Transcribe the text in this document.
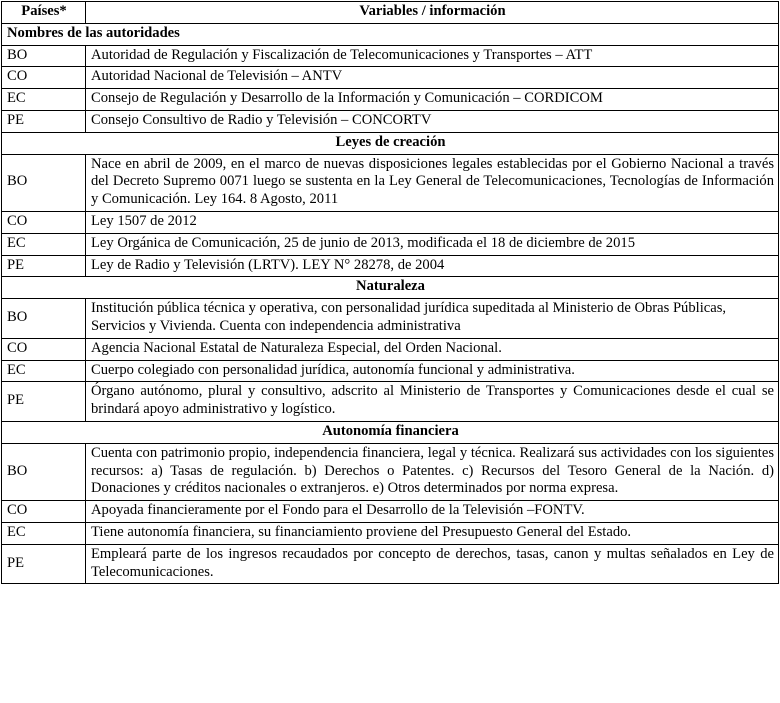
Países*	Variables / información
Nombres de las autoridades	
BO	Autoridad de Regulación y Fiscalización de Telecomunicaciones y Transportes – ATT
CO	Autoridad Nacional de Televisión – ANTV
EC	Consejo de Regulación y Desarrollo de la Información y Comunicación – CORDICOM
PE	Consejo Consultivo de Radio y Televisión – CONCORTV
Leyes de creación	
BO	Nace en abril de 2009, en el marco de nuevas disposiciones legales establecidas por el Gobierno Nacional a través del Decreto Supremo 0071 luego se sustenta en la Ley General de Telecomunicaciones, Tecnologías de Información y Comunicación. Ley 164. 8 Agosto, 2011
CO	Ley 1507 de 2012
EC	Ley Orgánica de Comunicación, 25 de junio de 2013, modificada el 18 de diciembre de 2015
PE	Ley de Radio y Televisión (LRTV). LEY N° 28278, de 2004
Naturaleza	
BO	Institución pública técnica y operativa, con personalidad jurídica supeditada al Ministerio de Obras Públicas, Servicios y Vivienda. Cuenta con independencia administrativa
CO	Agencia Nacional Estatal de Naturaleza Especial, del Orden Nacional.
EC	Cuerpo colegiado con personalidad jurídica, autonomía funcional y administrativa.
PE	Órgano autónomo, plural y consultivo, adscrito al Ministerio de Transportes y Comunicaciones desde el cual se brindará apoyo administrativo y logístico.
Autonomía financiera	
BO	Cuenta con patrimonio propio, independencia financiera, legal y técnica. Realizará sus actividades con los siguientes recursos: a) Tasas de regulación. b) Derechos o Patentes. c) Recursos del Tesoro General de la Nación. d) Donaciones y créditos nacionales o extranjeros. e) Otros determinados por norma expresa.
CO	Apoyada financieramente por el Fondo para el Desarrollo de la Televisión –FONTV.
EC	Tiene autonomía financiera, su financiamiento proviene del Presupuesto General del Estado.
PE	Empleará parte de los ingresos recaudados por concepto de derechos, tasas, canon y multas señalados en Ley de Telecomunicaciones.
